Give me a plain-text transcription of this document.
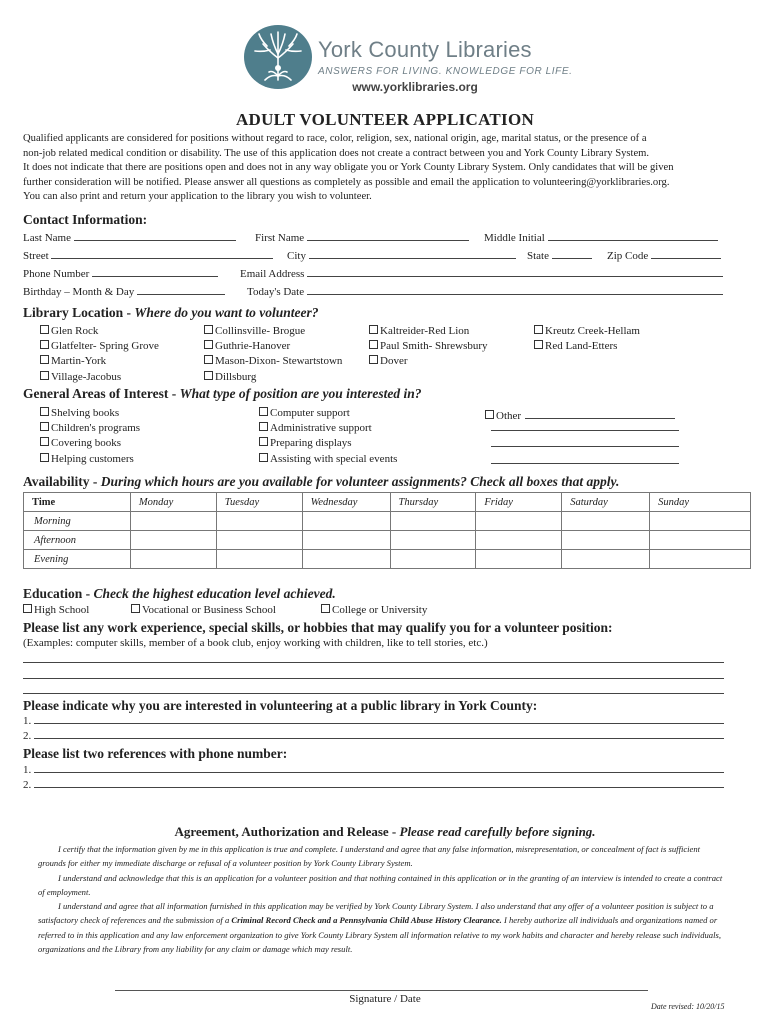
York County Libraries
ANSWERS FOR LIVING. KNOWLEDGE FOR LIFE.
www.yorklibraries.org
ADULT VOLUNTEER APPLICATION
Qualified applicants are considered for positions without regard to race, color, religion, sex, national origin, age, marital status, or the presence of a
non-job related medical condition or disability. The use of this application does not create a contract between you and York County Library System.
It does not indicate that there are positions open and does not in any way obligate you or York County Library System. Only candidates that will be given
further consideration will be notified. Please answer all questions as completely as possible and email the application to volunteering@yorklibraries.org.
You can also print and return your application to the library you wish to volunteer.
Contact Information:
Last Name	First Name	Middle Initial
Street	City	State	Zip Code
Phone Number	Email Address
Birthday – Month & Day	Today's Date
Library Location - Where do you want to volunteer?
Glen Rock
Glatfelter- Spring Grove
Martin-York
Village-Jacobus
Collinsville- Brogue
Guthrie-Hanover
Mason-Dixon- Stewartstown
Dillsburg
Kaltreider-Red Lion
Paul Smith- Shrewsbury
Dover
Kreutz Creek-Hellam
Red Land-Etters
General Areas of Interest - What type of position are you interested in?
Shelving books
Children's programs
Covering books
Helping customers
Computer support
Administrative support
Preparing displays
Assisting with special events
Other
Availability - During which hours are you available for volunteer assignments? Check all boxes that apply.
Time	Monday	Tuesday	Wednesday	Thursday	Friday	Saturday	Sunday
Morning							
Afternoon							
Evening							
Education - Check the highest education level achieved.
High School	Vocational or Business School	College or University
Please list any work experience, special skills, or hobbies that may qualify you for a volunteer position:
(Examples: computer skills, member of a book club, enjoy working with children, like to tell stories, etc.)
Please indicate why you are interested in volunteering at a public library in York County:
1.
2.
Please list two references with phone number:
1.
2.
Agreement, Authorization and Release - Please read carefully before signing.

I certify that the information given by me in this application is true and complete. I understand and agree that any false information, misrepresentation, or concealment of fact is sufficient grounds for either my immediate discharge or refusal of a volunteer position by York County Library System.

I understand and acknowledge that this is an application for a volunteer position and that nothing contained in this application or in the granting of an interview is intended to create a contract of employment.

I understand and agree that all information furnished in this application may be verified by York County Library System. I also understand that any offer of a volunteer position is subject to a satisfactory check of references and the submission of a Criminal Record Check and a Pennsylvania Child Abuse History Clearance. I hereby authorize all individuals and organizations named or referred to in this application and any law enforcement organization to give York County Library System all information relative to my work habits and character and hereby release such individuals, organizations and the Library from any liability for any claim or damage which may result.

Signature / Date
Date revised: 10/20/15
